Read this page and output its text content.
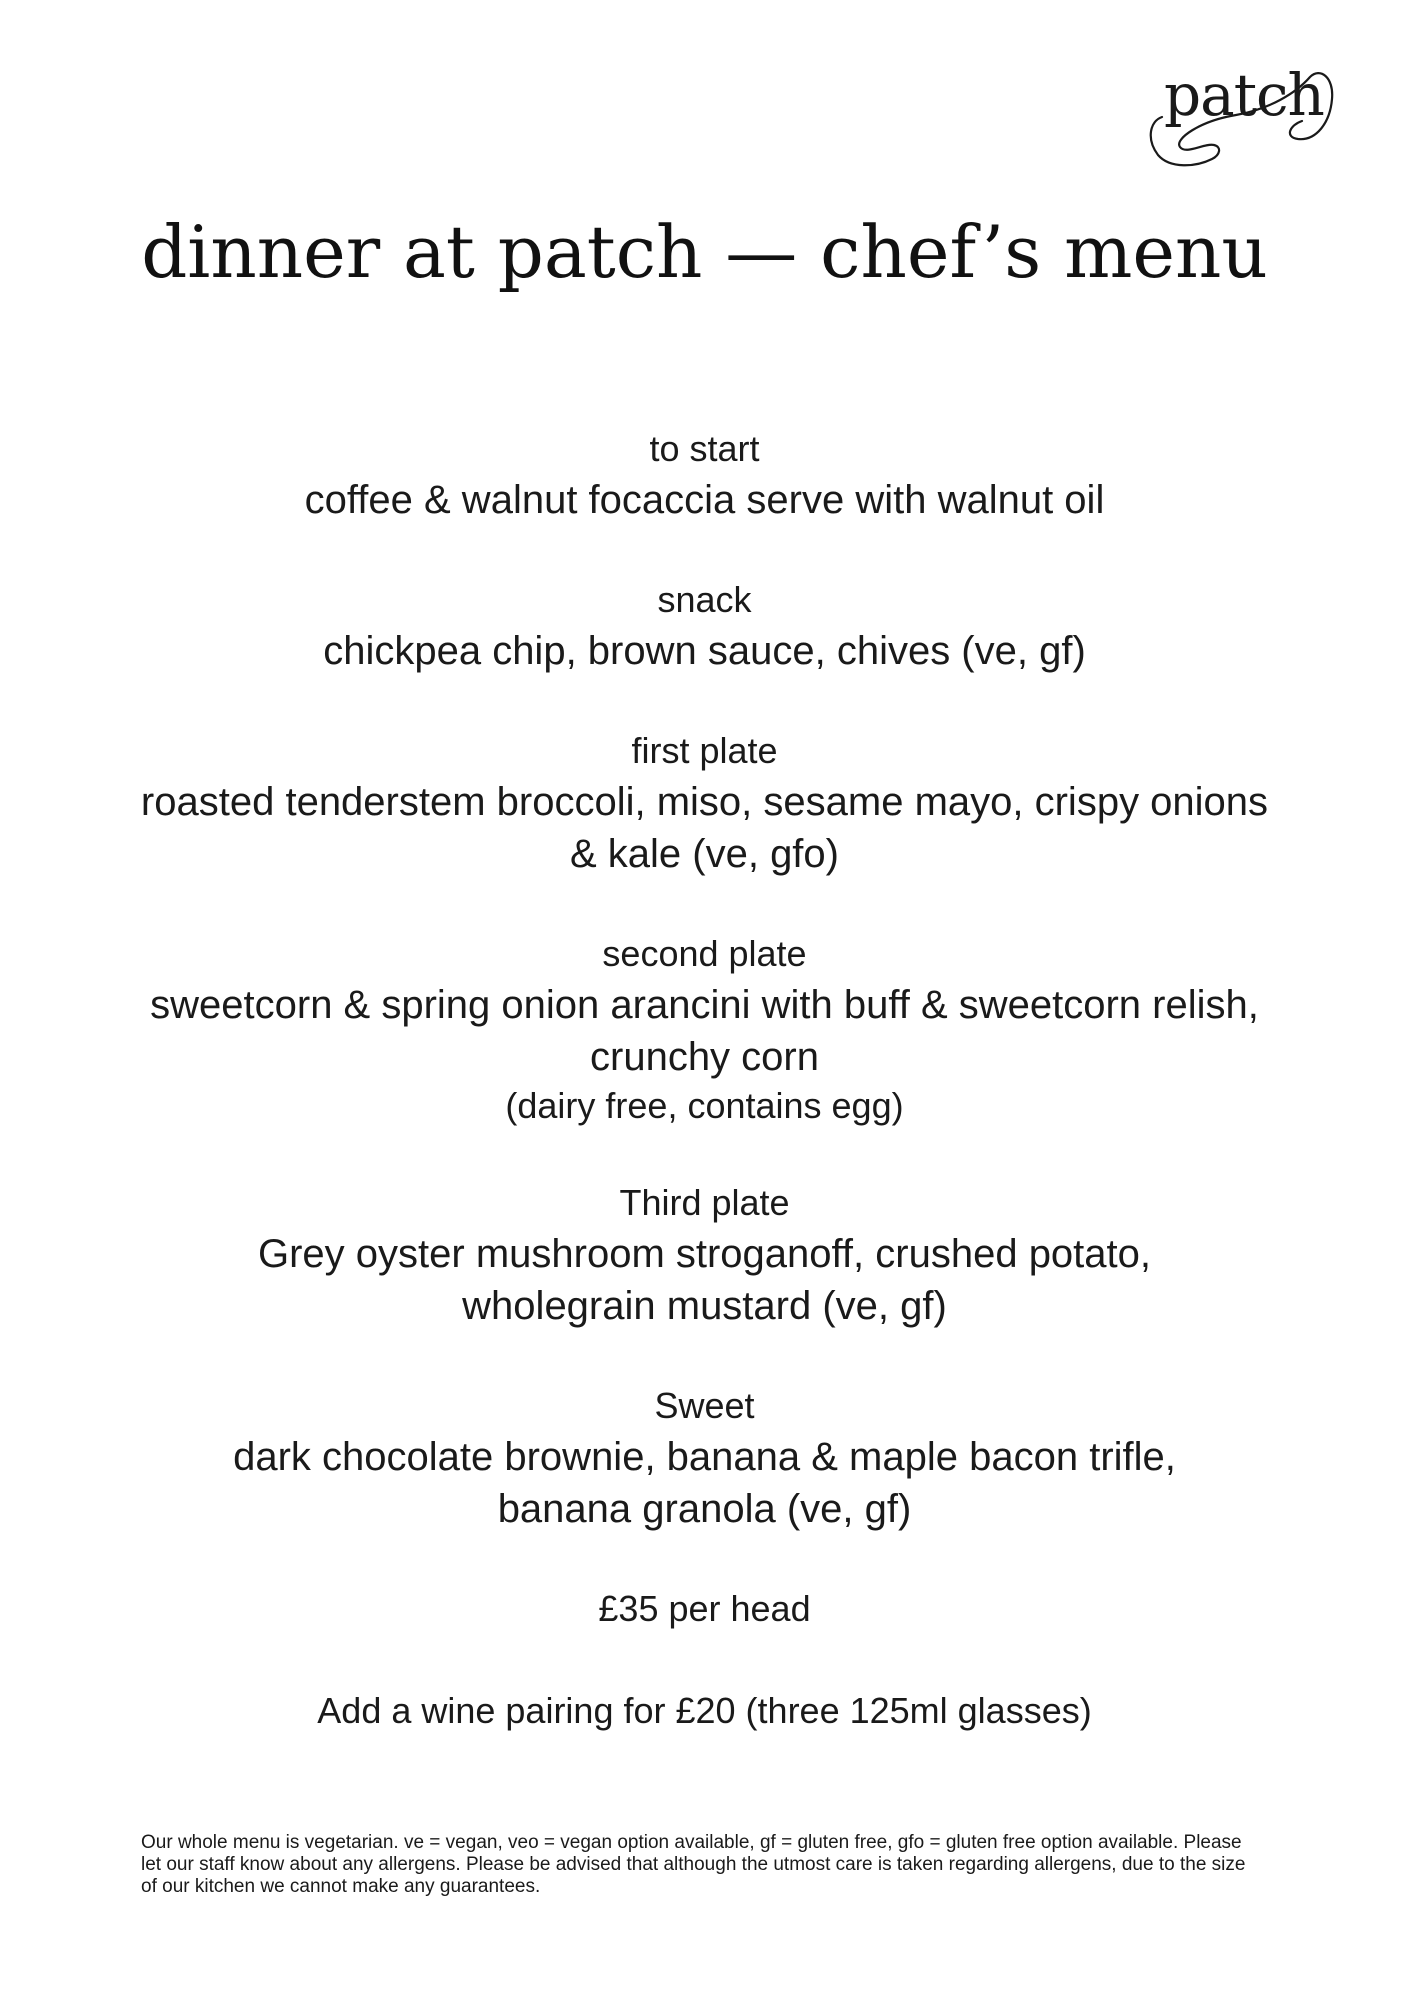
patch
dinner at patch — chef’s menu
to start
coffee & walnut focaccia serve with walnut oil
snack
chickpea chip, brown sauce, chives (ve, gf)
first plate
roasted tenderstem broccoli, miso, sesame mayo, crispy onions
& kale (ve, gfo)
second plate
sweetcorn & spring onion arancini with buff & sweetcorn relish,
crunchy corn
(dairy free, contains egg)
Third plate
Grey oyster mushroom stroganoff, crushed potato,
wholegrain mustard (ve, gf)
Sweet
dark chocolate brownie, banana & maple bacon trifle,
banana granola (ve, gf)
£35 per head
Add a wine pairing for £20 (three 125ml glasses)
Our whole menu is vegetarian. ve = vegan, veo = vegan option available, gf = gluten free, gfo = gluten free option available. Please let our staff know about any allergens. Please be advised that although the utmost care is taken regarding allergens, due to the size of our kitchen we cannot make any guarantees.
